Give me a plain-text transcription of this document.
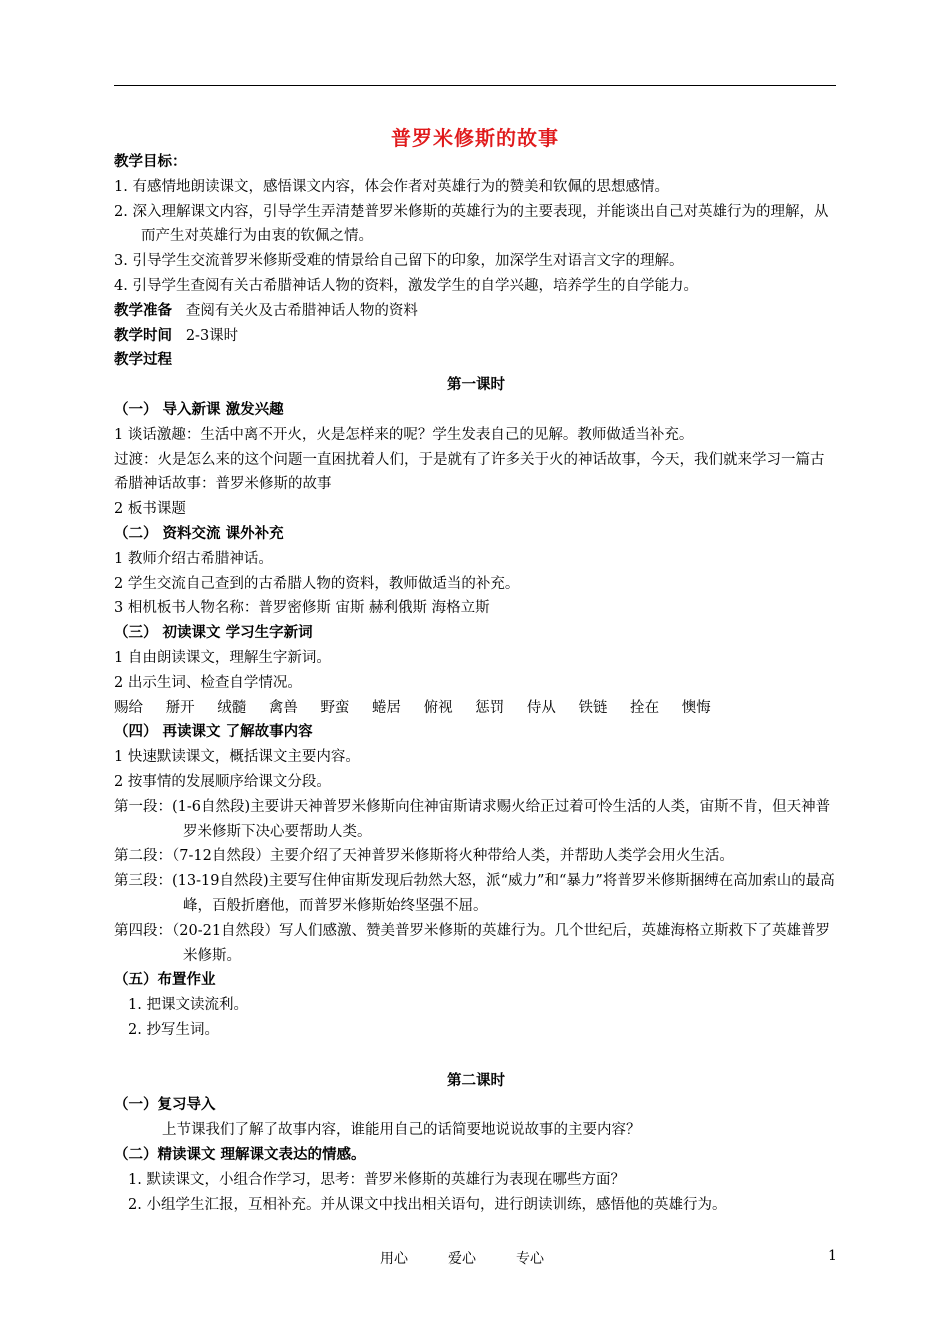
普罗米修斯的故事
教学目标：
1. 有感情地朗读课文，感悟课文内容，体会作者对英雄行为的赞美和钦佩的思想感情。
2. 深入理解课文内容，引导学生弄清楚普罗米修斯的英雄行为的主要表现，并能谈出自己对英雄行为的理解，从而产生对英雄行为由衷的钦佩之情。
3. 引导学生交流普罗米修斯受难的情景给自己留下的印象，加深学生对语言文字的理解。
4. 引导学生查阅有关古希腊神话人物的资料，激发学生的自学兴趣，培养学生的自学能力。
教学准备 查阅有关火及古希腊神话人物的资料
教学时间 2-3课时
教学过程
第一课时
（一） 导入新课 激发兴趣
1 谈话激趣：生活中离不开火，火是怎样来的呢？学生发表自己的见解。教师做适当补充。
过渡：火是怎么来的这个问题一直困扰着人们，于是就有了许多关于火的神话故事，今天，我们就来学习一篇古希腊神话故事：普罗米修斯的故事
2 板书课题
（二） 资料交流 课外补充
1 教师介绍古希腊神话。
2 学生交流自己查到的古希腊人物的资料，教师做适当的补充。
3 相机板书人物名称：普罗密修斯 宙斯 赫利俄斯 海格立斯
（三） 初读课文 学习生字新词
1 自由朗读课文，理解生字新词。
2 出示生词、检查自学情况。
赐给 掰开 绒髓 禽兽 野蛮 蜷居 俯视 惩罚 侍从 铁链 拴在 懊悔
（四） 再读课文 了解故事内容
1 快速默读课文，概括课文主要内容。
2 按事情的发展顺序给课文分段。
第一段：(1-6自然段)主要讲天神普罗米修斯向住神宙斯请求赐火给正过着可怜生活的人类，宙斯不肯，但天神普罗米修斯下决心要帮助人类。
第二段：（7-12自然段）主要介绍了天神普罗米修斯将火种带给人类，并帮助人类学会用火生活。
第三段：(13-19自然段)主要写住伸宙斯发现后勃然大怒，派“威力”和“暴力”将普罗米修斯捆缚在高加索山的最高峰，百般折磨他，而普罗米修斯始终坚强不屈。
第四段：（20-21自然段）写人们感激、赞美普罗米修斯的英雄行为。几个世纪后，英雄海格立斯救下了英雄普罗米修斯。
（五）布置作业
1. 把课文读流利。
2. 抄写生词。
第二课时
（一）复习导入
上节课我们了解了故事内容，谁能用自己的话简要地说说故事的主要内容？
（二）精读课文 理解课文表达的情感。
1. 默读课文，小组合作学习，思考：普罗米修斯的英雄行为表现在哪些方面？
2. 小组学生汇报，互相补充。并从课文中找出相关语句，进行朗读训练，感悟他的英雄行为。
用心	爱心	专心	1
